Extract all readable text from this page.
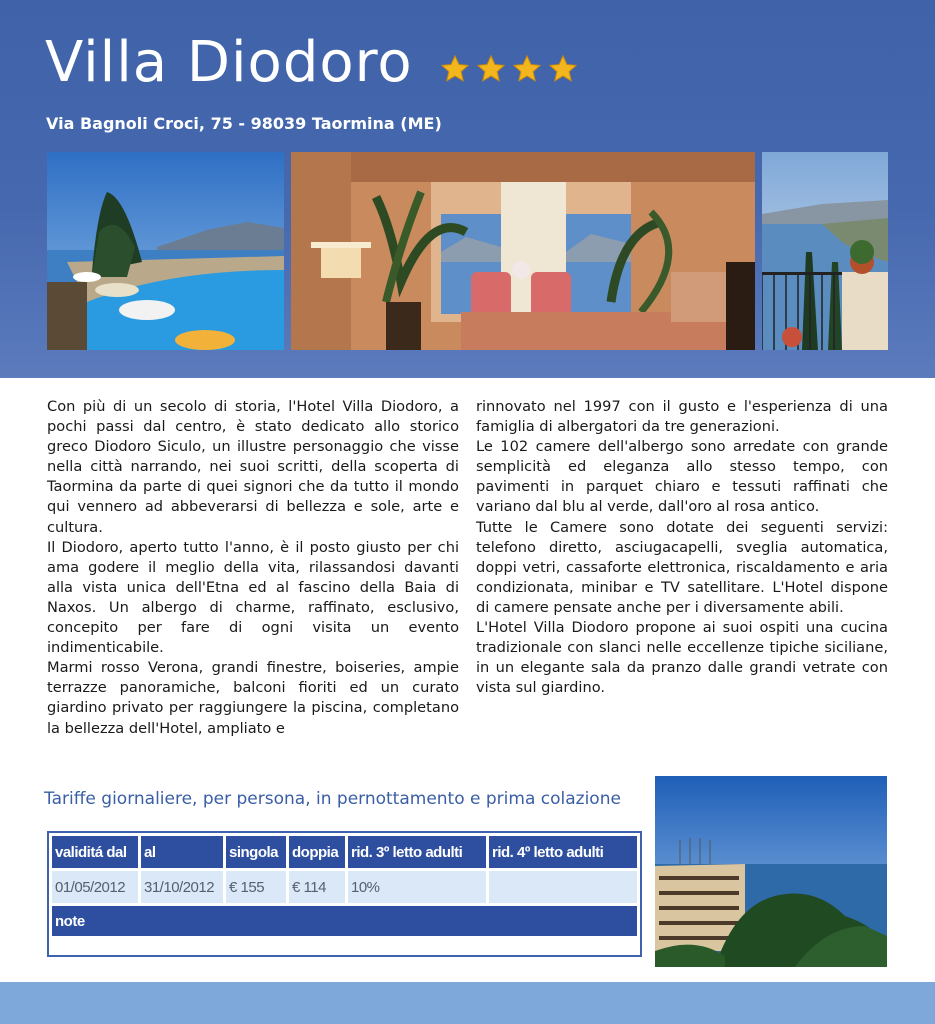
Villa Diodoro
Via Bagnoli Croci, 75 - 98039 Taormina (ME)

Con più di un secolo di storia, l'Hotel Villa Diodoro, a pochi passi dal centro, è stato dedicato allo storico greco Diodoro Siculo, un illustre personaggio che visse nella città narrando, nei suoi scritti, della scoperta di Taormina da parte di quei signori che da tutto il mondo qui vennero ad abbeverarsi di bellezza e sole, arte e cultura.

Il Diodoro, aperto tutto l'anno, è il posto giusto per chi ama godere il meglio della vita, rilassandosi davanti alla vista unica dell'Etna ed al fascino della Baia di Naxos. Un albergo di charme, raffinato, esclusivo, concepito per fare di ogni visita un evento indimenticabile.

Marmi rosso Verona, grandi finestre, boiseries, ampie terrazze panoramiche, balconi fioriti ed un curato giardino privato per raggiungere la piscina, completano la bellezza dell'Hotel, ampliato e

rinnovato nel 1997 con il gusto e l'esperienza di una famiglia di albergatori da tre generazioni.

Le 102 camere dell'albergo sono arredate con grande semplicità ed eleganza allo stesso tempo, con pavimenti in parquet chiaro e tessuti raffinati che variano dal blu al verde, dall'oro al rosa antico.

Tutte le Camere sono dotate dei seguenti servizi: telefono diretto, asciugacapelli, sveglia automatica, doppi vetri, cassaforte elettronica, riscaldamento e aria condizionata, minibar e TV satellitare. L'Hotel dispone di camere pensate anche per i diversamente abili.

L'Hotel Villa Diodoro propone ai suoi ospiti una cucina tradizionale con slanci nelle eccellenze tipiche siciliane, in un elegante sala da pranzo dalle grandi vetrate con vista sul giardino.

Tariffe giornaliere, per persona, in pernottamento e prima colazione
validitá dal	al	singola	doppia	rid. 3º letto adulti	rid. 4º letto adulti
01/05/2012	31/10/2012	€ 155	€ 114	10%	
note					
